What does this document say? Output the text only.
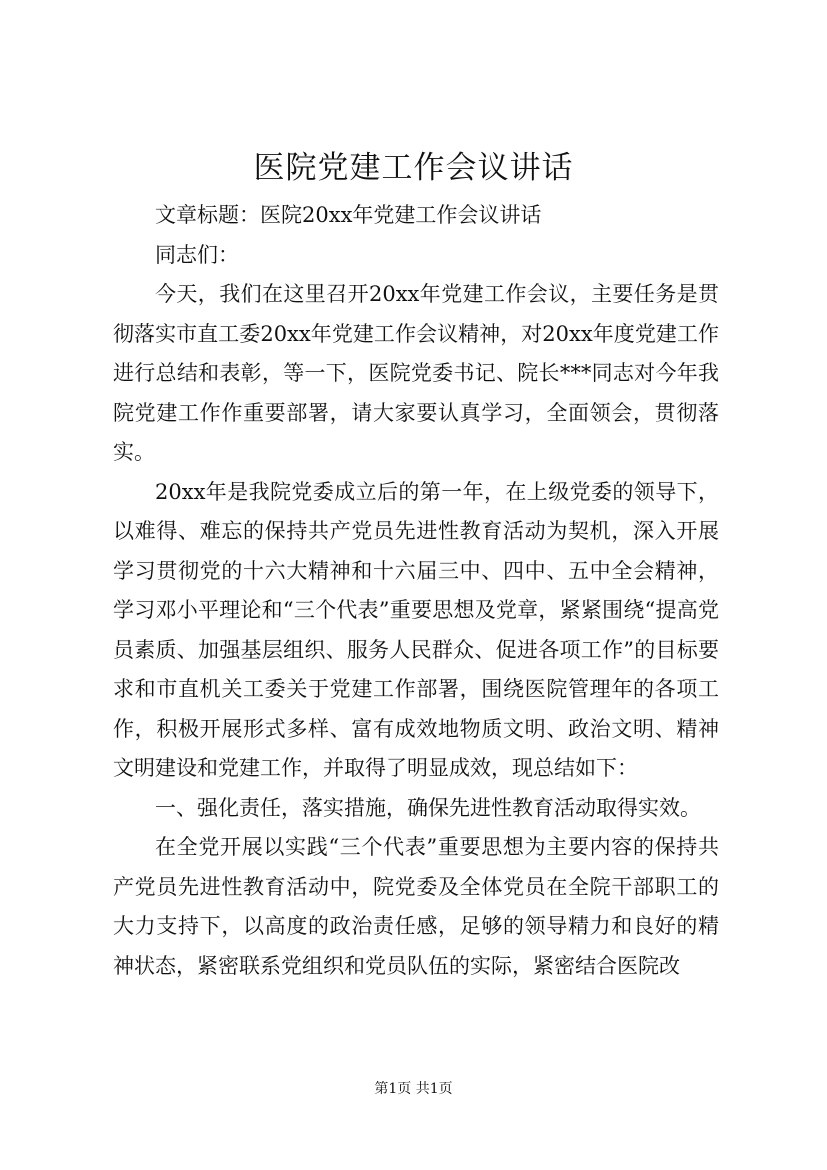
医院党建工作会议讲话

文章标题：医院20xx年党建工作会议讲话

同志们：

今天，我们在这里召开20xx年党建工作会议，主要任务是贯彻落实市直工委20xx年党建工作会议精神，对20xx年度党建工作进行总结和表彰，等一下，医院党委书记、院长***同志对今年我院党建工作作重要部署，请大家要认真学习，全面领会，贯彻落实。

20xx年是我院党委成立后的第一年，在上级党委的领导下，以难得、难忘的保持共产党员先进性教育活动为契机，深入开展学习贯彻党的十六大精神和十六届三中、四中、五中全会精神，学习邓小平理论和“三个代表”重要思想及党章，紧紧围绕“提高党员素质、加强基层组织、服务人民群众、促进各项工作”的目标要求和市直机关工委关于党建工作部署，围绕医院管理年的各项工作，积极开展形式多样、富有成效地物质文明、政治文明、精神文明建设和党建工作，并取得了明显成效，现总结如下：

一、强化责任，落实措施，确保先进性教育活动取得实效。

在全党开展以实践“三个代表”重要思想为主要内容的保持共产党员先进性教育活动中，院党委及全体党员在全院干部职工的大力支持下，以高度的政治责任感，足够的领导精力和良好的精神状态，紧密联系党组织和党员队伍的实际，紧密结合医院改

第1页 共1页
